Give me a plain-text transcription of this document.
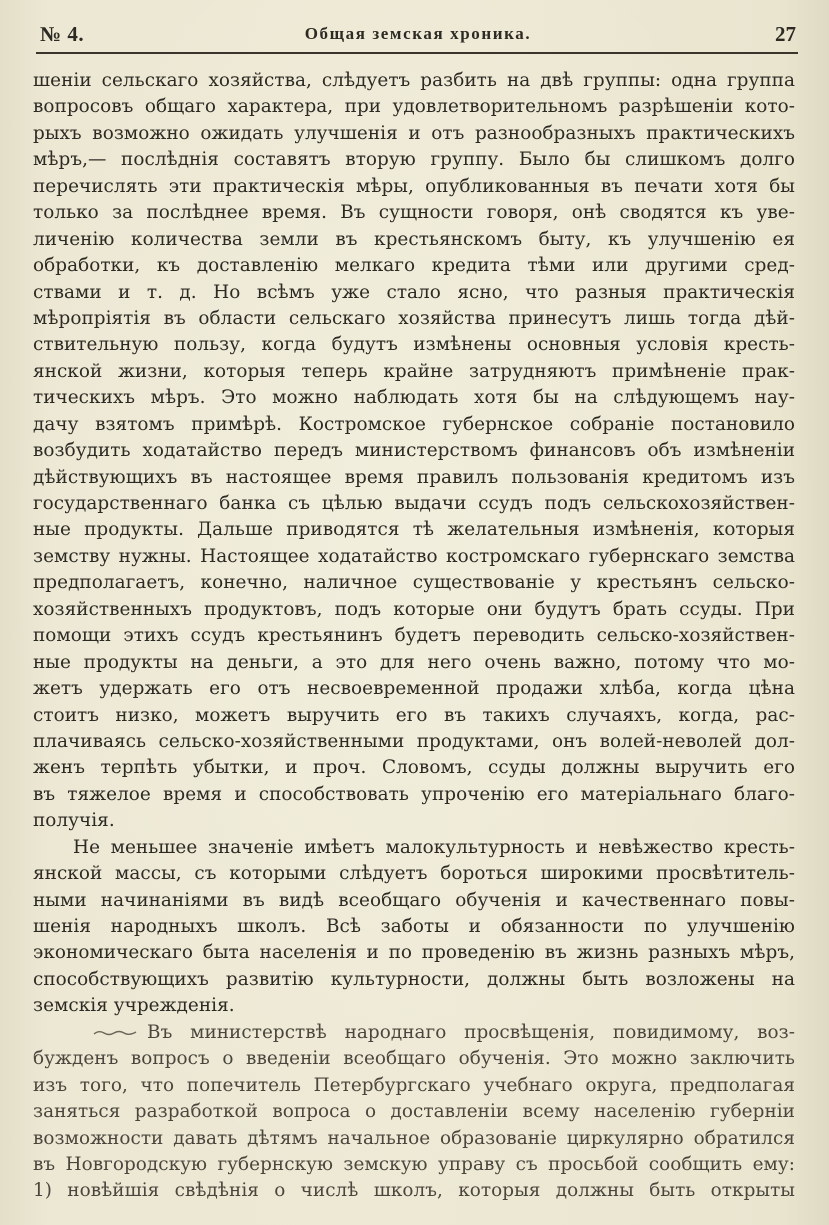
№ 4.	Общая земская хроника.	27
шеніи сельскаго хозяйства, слѣдуетъ разбить на двѣ группы: одна группа
вопросовъ общаго характера, при удовлетворительномъ разрѣшеніи кото-
рыхъ возможно ожидать улучшенія и отъ разнообразныхъ практическихъ
мѣръ,— послѣднія составятъ вторую группу. Было бы слишкомъ долго
перечислять эти практическія мѣры, опубликованныя въ печати хотя бы
только за послѣднее время. Въ сущности говоря, онѣ сводятся къ уве-
личенію количества земли въ крестьянскомъ быту, къ улучшенію ея
обработки, къ доставленію мелкаго кредита тѣми или другими сред-
ствами и т. д. Но всѣмъ уже стало ясно, что разныя практическія
мѣропріятія въ области сельскаго хозяйства принесутъ лишь тогда дѣй-
ствительную пользу, когда будутъ измѣнены основныя условія кресть-
янской жизни, которыя теперь крайне затрудняютъ примѣненіе прак-
тическихъ мѣръ. Это можно наблюдать хотя бы на слѣдующемъ нау-
дачу взятомъ примѣрѣ. Костромское губернское собраніе постановило
возбудить ходатайство передъ министерствомъ финансовъ объ измѣненіи
дѣйствующихъ въ настоящее время правилъ пользованія кредитомъ изъ
государственнаго банка съ цѣлью выдачи ссудъ подъ сельскохозяйствен-
ные продукты. Дальше приводятся тѣ желательныя измѣненія, которыя
земству нужны. Настоящее ходатайство костромскаго губернскаго земства
предполагаетъ, конечно, наличное существованіе у крестьянъ сельско-
хозяйственныхъ продуктовъ, подъ которые они будутъ брать ссуды. При
помощи этихъ ссудъ крестьянинъ будетъ переводить сельско-хозяйствен-
ные продукты на деньги, а это для него очень важно, потому что мо-
жетъ удержать его отъ несвоевременной продажи хлѣба, когда цѣна
стоитъ низко, можетъ выручить его въ такихъ случаяхъ, когда, рас-
плачиваясь сельско-хозяйственными продуктами, онъ волей-неволей дол-
женъ терпѣть убытки, и проч. Словомъ, ссуды должны выручить его
въ тяжелое время и способствовать упроченію его матеріальнаго благо-
получія.
Не меньшее значеніе имѣетъ малокультурность и невѣжество кресть-
янской массы, съ которыми слѣдуетъ бороться широкими просвѣтитель-
ными начинаніями въ видѣ всеобщаго обученія и качественнаго повы-
шенія народныхъ школъ. Всѣ заботы и обязанности по улучшенію
экономическаго быта населенія и по проведенію въ жизнь разныхъ мѣръ,
способствующихъ развитію культурности, должны быть возложены на
земскія учрежденія.
Въ министерствѣ народнаго просвѣщенія, повидимому, воз-
бужденъ вопросъ о введеніи всеобщаго обученія. Это можно заключить
изъ того, что попечитель Петербургскаго учебнаго округа, предполагая
заняться разработкой вопроса о доставленіи всему населенію губерніи
возможности давать дѣтямъ начальное образованіе циркулярно обратился
въ Новгородскую губернскую земскую управу съ просьбой сообщить ему:
1) новѣйшія свѣдѣнія о числѣ школъ, которыя должны быть открыты
